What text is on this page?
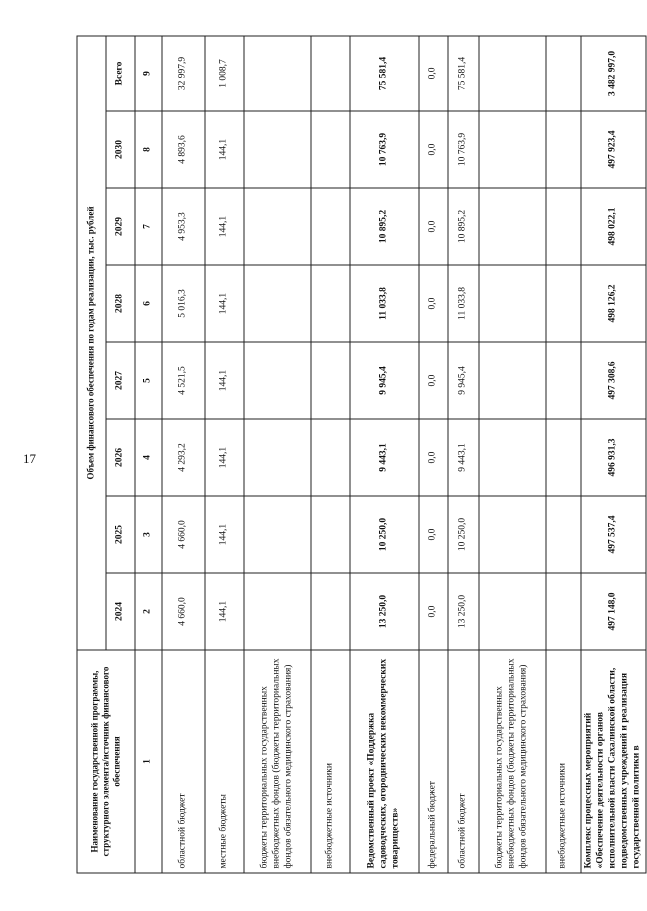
17
Наименование государственной программы, структурного элемента/источник финансового обеспечения	Объем финансового обеспечения по годам реализации, тыс. рублей							
	2024	2025	2026	2027	2028	2029	2030	Всего
1	2	3	4	5	6	7	8	9
областной бюджет	4 660,0	4 660,0	4 293,2	4 521,5	5 016,3	4 953,3	4 893,6	32 997,9
местные бюджеты	144,1	144,1	144,1	144,1	144,1	144,1	144,1	1 008,7
бюджеты территориальных государственных внебюджетных фондов (бюджеты территориальных фондов обязательного медицинского страхования)								
внебюджетные источники								
Ведомственный проект «Поддержка садоводческих, огороднических некоммерческих товариществ»	13 250,0	10 250,0	9 443,1	9 945,4	11 033,8	10 895,2	10 763,9	75 581,4
федеральный бюджет	0,0	0,0	0,0	0,0	0,0	0,0	0,0	0,0
областной бюджет	13 250,0	10 250,0	9 443,1	9 945,4	11 033,8	10 895,2	10 763,9	75 581,4
бюджеты территориальных государственных внебюджетных фондов (бюджеты территориальных фондов обязательного медицинского страхования)								
внебюджетные источники								
Комплекс процессных мероприятий «Обеспечение деятельности органов исполнительной власти Сахалинской области, подведомственных учреждений и реализация государственной политики в	497 148,0	497 537,4	496 931,3	497 308,6	498 126,2	498 022,1	497 923,4	3 482 997,0
